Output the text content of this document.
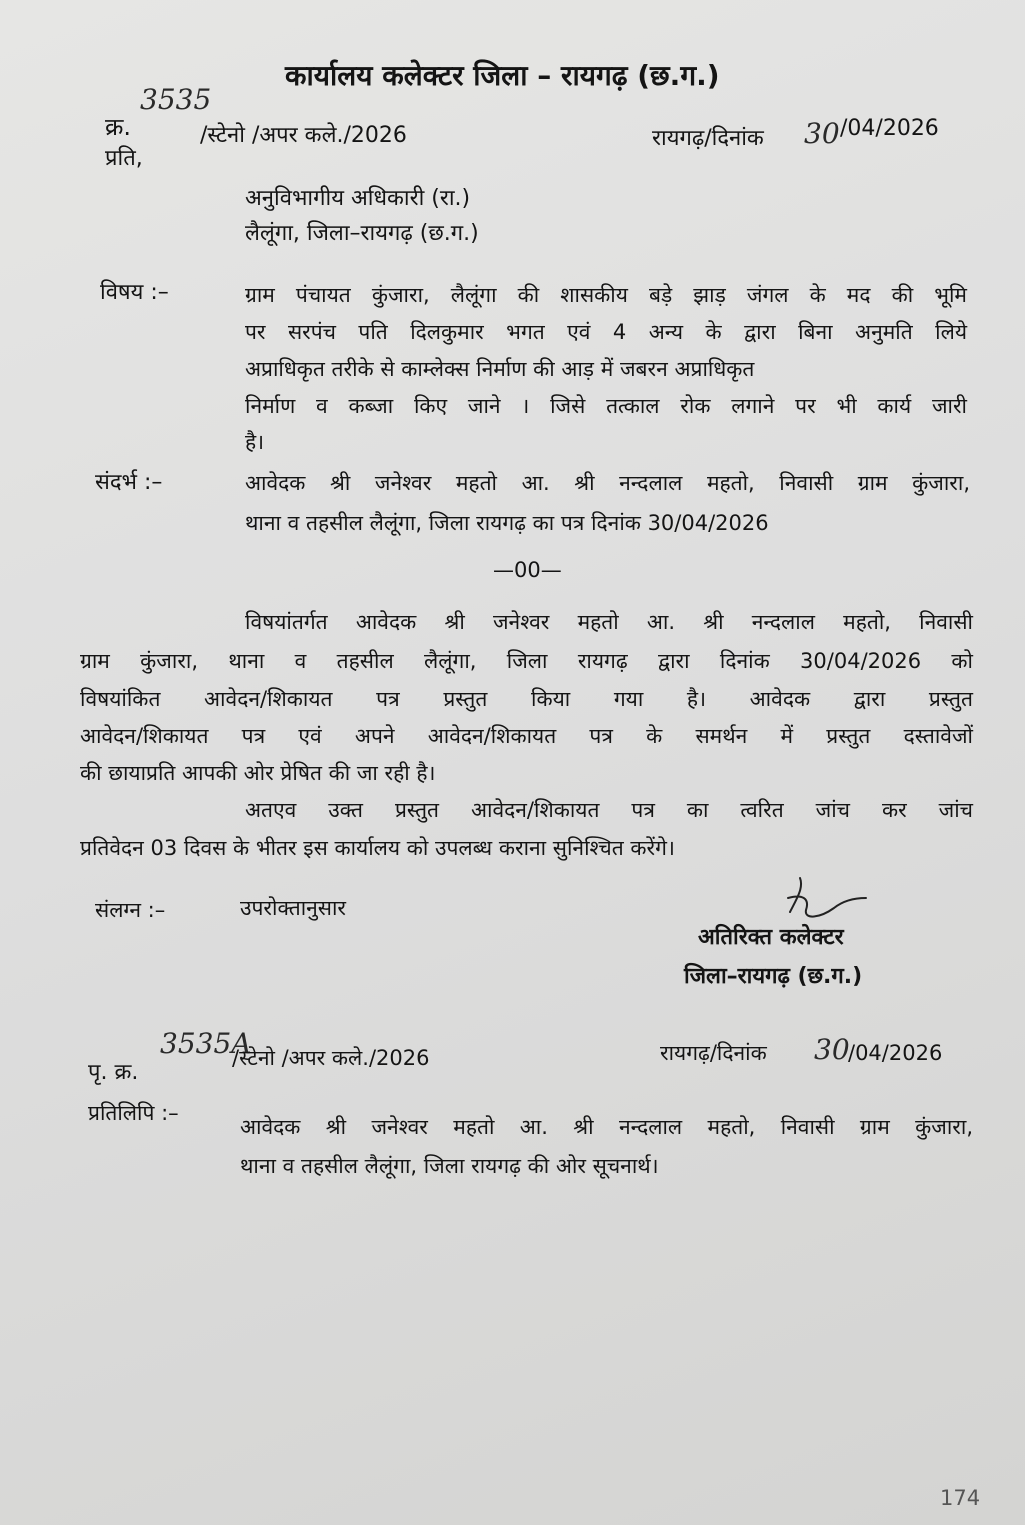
कार्यालय कलेक्टर जिला – रायगढ़ (छ.ग.)
क्र.
3535
/स्टेनो /अपर कले./2026	रायगढ़/दिनांक 30 /04/2026
प्रति,
अनुविभागीय अधिकारी (रा.)
लैलूंगा, जिला–रायगढ़ (छ.ग.)
विषय :–	ग्राम पंचायत कुंजारा, लैलूंगा की शासकीय बड़े झाड़ जंगल के मद की भूमि
पर सरपंच पति दिलकुमार भगत एवं 4 अन्य के द्वारा बिना अनुमति लिये
अप्राधिकृत तरीके से काम्लेक्स निर्माण की आड़ में जबरन अप्राधिकृत
निर्माण व कब्जा किए जाने । जिसे तत्काल रोक लगाने पर भी कार्य जारी
है।
संदर्भ :–	आवेदक श्री जनेश्वर महतो आ. श्री नन्दलाल महतो, निवासी ग्राम कुंजारा,
थाना व तहसील लैलूंगा, जिला रायगढ़ का पत्र दिनांक 30/04/2026
—00—
विषयांतर्गत आवेदक श्री जनेश्वर महतो आ. श्री नन्दलाल महतो, निवासी
ग्राम कुंजारा, थाना व तहसील लैलूंगा, जिला रायगढ़ द्वारा दिनांक 30/04/2026 को
विषयांकित आवेदन/शिकायत पत्र प्रस्तुत किया गया है। आवेदक द्वारा प्रस्तुत
आवेदन/शिकायत पत्र एवं अपने आवेदन/शिकायत पत्र के समर्थन में प्रस्तुत दस्तावेजों
की छायाप्रति आपकी ओर प्रेषित की जा रही है।
अतएव उक्त प्रस्तुत आवेदन/शिकायत पत्र का त्वरित जांच कर जांच
प्रतिवेदन 03 दिवस के भीतर इस कार्यालय को उपलब्ध कराना सुनिश्चित करेंगे।
संलग्न :–	उपरोक्तानुसार
अतिरिक्त कलेक्टर
जिला–रायगढ़ (छ.ग.)
पृ. क्र.
3535A
/स्टेनो /अपर कले./2026	रायगढ़/दिनांक 30
/04/2026
प्रतिलिपि :–
आवेदक श्री जनेश्वर महतो आ. श्री नन्दलाल महतो, निवासी ग्राम कुंजारा,
थाना व तहसील लैलूंगा, जिला रायगढ़ की ओर सूचनार्थ।
174
